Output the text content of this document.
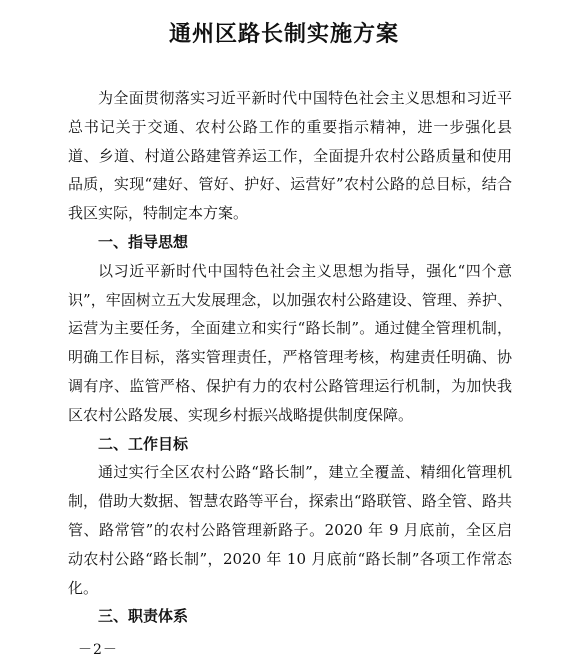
通州区路长制实施方案

为全面贯彻落实习近平新时代中国特色社会主义思想和习近平总书记关于交通、农村公路工作的重要指示精神，进一步强化县道、乡道、村道公路建管养运工作，全面提升农村公路质量和使用品质，实现“建好、管好、护好、运营好”农村公路的总目标，结合我区实际，特制定本方案。

一、指导思想

以习近平新时代中国特色社会主义思想为指导，强化“四个意识”，牢固树立五大发展理念，以加强农村公路建设、管理、养护、运营为主要任务，全面建立和实行“路长制”。通过健全管理机制，明确工作目标，落实管理责任，严格管理考核，构建责任明确、协调有序、监管严格、保护有力的农村公路管理运行机制，为加快我区农村公路发展、实现乡村振兴战略提供制度保障。

二、工作目标

通过实行全区农村公路“路长制”，建立全覆盖、精细化管理机制，借助大数据、智慧农路等平台，探索出“路联管、路全管、路共管、路常管”的农村公路管理新路子。2020 年 9 月底前，全区启动农村公路“路长制”，2020 年 10 月底前“路长制”各项工作常态化。

三、职责体系

－2－
